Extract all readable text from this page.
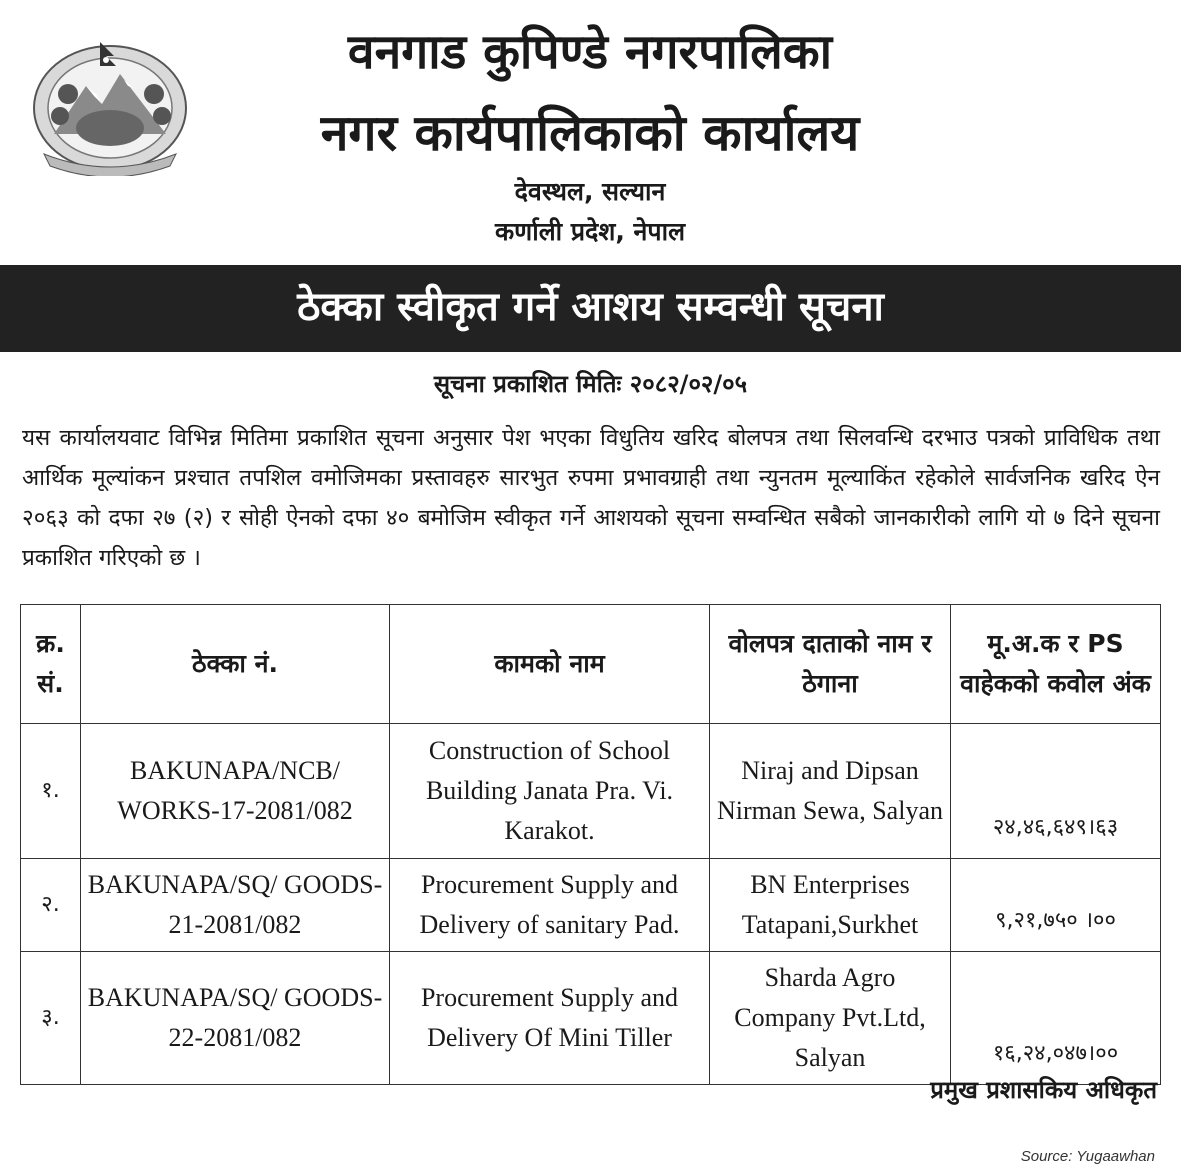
वनगाड कुपिण्डे नगरपालिका
नगर कार्यपालिकाको कार्यालय
देवस्थल, सल्यान
कर्णाली प्रदेश, नेपाल
ठेक्का स्वीकृत गर्ने आशय सम्वन्धी सूचना
सूचना प्रकाशित मितिः २०८२/०२/०५
यस कार्यालयवाट विभिन्न मितिमा प्रकाशित सूचना अनुसार पेश भएका विधुतिय खरिद बोलपत्र तथा सिलवन्धि दरभाउ पत्रको प्राविधिक तथा आर्थिक मूल्यांकन प्रश्चात तपशिल वमोजिमका प्रस्तावहरु सारभुत रुपमा प्रभावग्राही तथा न्युनतम मूल्याकिंत रहेकोले सार्वजनिक खरिद ऐन २०६३ को दफा २७ (२) र सोही ऐनको दफा ४० बमोजिम स्वीकृत गर्ने आशयको सूचना सम्वन्धित सबैको जानकारीको लागि यो ७ दिने सूचना प्रकाशित गरिएको छ ।
क्र. सं.	ठेक्का नं.	कामको नाम	वोलपत्र दाताको नाम र ठेगाना	मू.अ.क र PS वाहेकको कवोल अंक
१.	BAKUNAPA/NCB/ WORKS-17-2081/082	Construction of School Building Janata Pra. Vi. Karakot.	Niraj and Dipsan Nirman Sewa, Salyan	२४,४६,६४९।६३
२.	BAKUNAPA/SQ/ GOODS-21-2081/082	Procurement Supply and Delivery of sanitary Pad.	BN Enterprises Tatapani,Surkhet	९,२१,७५० ।००
३.	BAKUNAPA/SQ/ GOODS-22-2081/082	Procurement Supply and Delivery Of Mini Tiller	Sharda Agro Company Pvt.Ltd, Salyan	१६,२४,०४७।००
प्रमुख प्रशासकिय अधिकृत
Source: Yugaawhan
